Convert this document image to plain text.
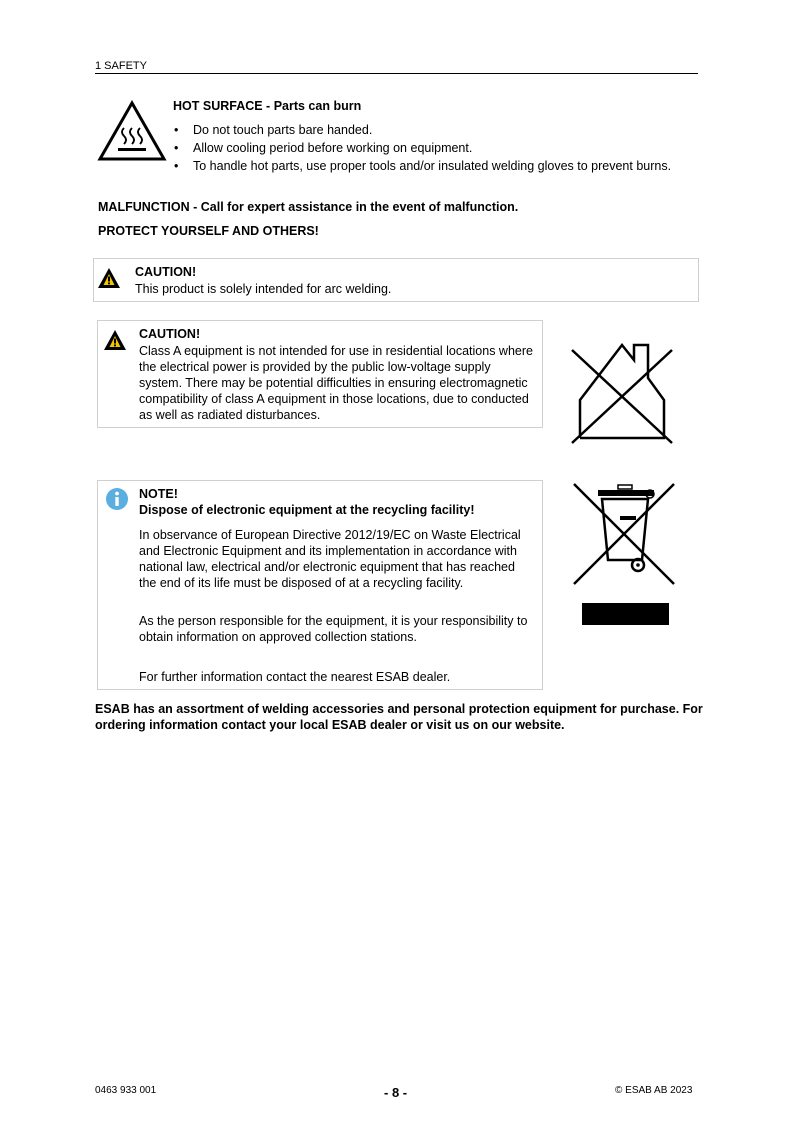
1 SAFETY
HOT SURFACE - Parts can burn
• Do not touch parts bare handed.
• Allow cooling period before working on equipment.
• To handle hot parts, use proper tools and/or insulated welding gloves to prevent burns.
MALFUNCTION - Call for expert assistance in the event of malfunction.
PROTECT YOURSELF AND OTHERS!
CAUTION!
This product is solely intended for arc welding.
CAUTION!
Class A equipment is not intended for use in residential locations where the electrical power is provided by the public low-voltage supply system. There may be potential difficulties in ensuring electromagnetic compatibility of class A equipment in those locations, due to conducted as well as radiated disturbances.
NOTE!
Dispose of electronic equipment at the recycling facility!
In observance of European Directive 2012/19/EC on Waste Electrical and Electronic Equipment and its implementation in accordance with national law, electrical and/or electronic equipment that has reached the end of its life must be disposed of at a recycling facility.
As the person responsible for the equipment, it is your responsibility to obtain information on approved collection stations.
For further information contact the nearest ESAB dealer.
ESAB has an assortment of welding accessories and personal protection equipment for purchase. For ordering information contact your local ESAB dealer or visit us on our website.
0463 933 001	- 8 -	© ESAB AB 2023
